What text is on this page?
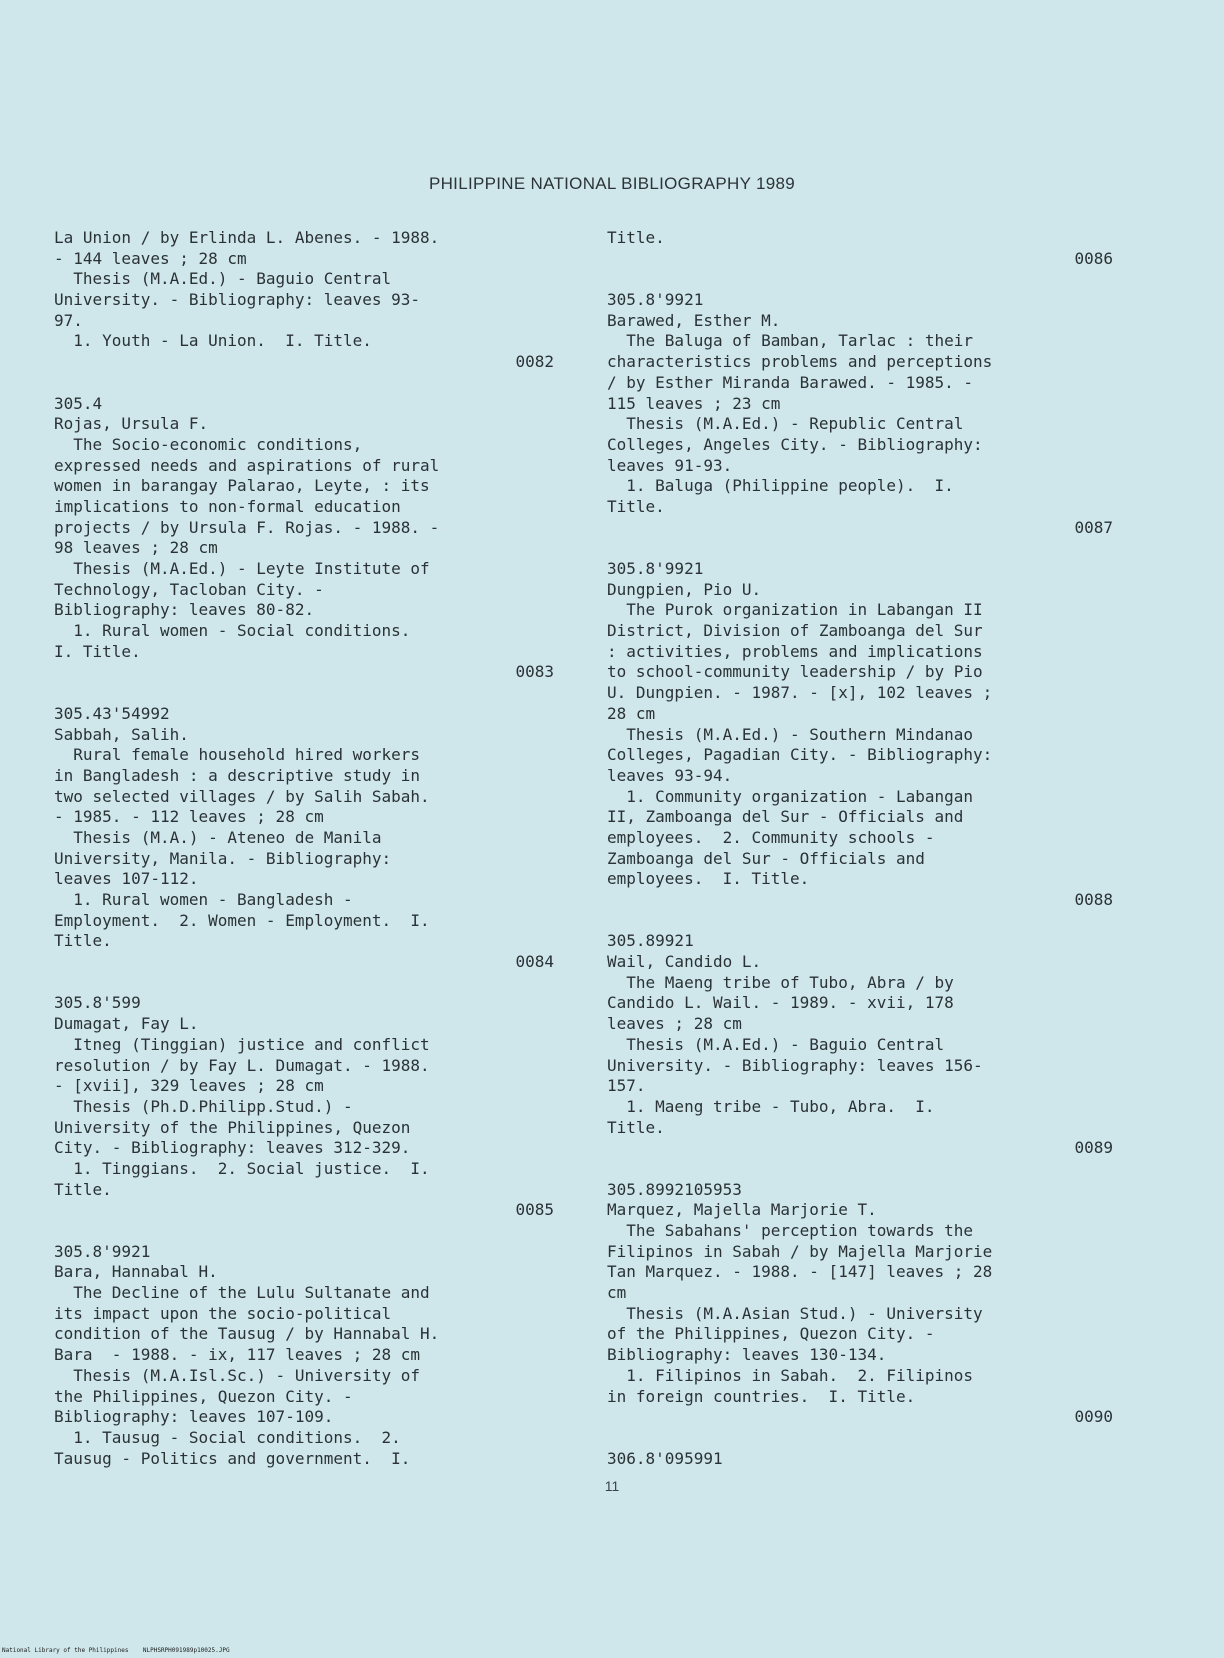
PHILIPPINE NATIONAL BIBLIOGRAPHY 1989
La Union / by Erlinda L. Abenes. - 1988.
- 144 leaves ; 28 cm
Thesis (M.A.Ed.) - Baguio Central
University. - Bibliography: leaves 93-
97.
1. Youth - La Union.  I. Title.
0082
305.4
Rojas, Ursula F.
The Socio-economic conditions,
expressed needs and aspirations of rural
women in barangay Palarao, Leyte, : its
implications to non-formal education
projects / by Ursula F. Rojas. - 1988. -
98 leaves ; 28 cm
Thesis (M.A.Ed.) - Leyte Institute of
Technology, Tacloban City. -
Bibliography: leaves 80-82.
1. Rural women - Social conditions.
I. Title.
0083
305.43'54992
Sabbah, Salih.
Rural female household hired workers
in Bangladesh : a descriptive study in
two selected villages / by Salih Sabah.
- 1985. - 112 leaves ; 28 cm
Thesis (M.A.) - Ateneo de Manila
University, Manila. - Bibliography:
leaves 107-112.
1. Rural women - Bangladesh -
Employment.  2. Women - Employment.  I.
Title.
0084
305.8'599
Dumagat, Fay L.
Itneg (Tinggian) justice and conflict
resolution / by Fay L. Dumagat. - 1988.
- [xvii], 329 leaves ; 28 cm
Thesis (Ph.D.Philipp.Stud.) -
University of the Philippines, Quezon
City. - Bibliography: leaves 312-329.
1. Tinggians.  2. Social justice.  I.
Title.
0085
305.8'9921
Bara, Hannabal H.
The Decline of the Lulu Sultanate and
its impact upon the socio-political
condition of the Tausug / by Hannabal H.
Bara  - 1988. - ix, 117 leaves ; 28 cm
Thesis (M.A.Isl.Sc.) - University of
the Philippines, Quezon City. -
Bibliography: leaves 107-109.
1. Tausug - Social conditions.  2.
Tausug - Politics and government.  I.
Title.
0086
305.8'9921
Barawed, Esther M.
The Baluga of Bamban, Tarlac : their
characteristics problems and perceptions
/ by Esther Miranda Barawed. - 1985. -
115 leaves ; 23 cm
Thesis (M.A.Ed.) - Republic Central
Colleges, Angeles City. - Bibliography:
leaves 91-93.
1. Baluga (Philippine people).  I.
Title.
0087
305.8'9921
Dungpien, Pio U.
The Purok organization in Labangan II
District, Division of Zamboanga del Sur
: activities, problems and implications
to school-community leadership / by Pio
U. Dungpien. - 1987. - [x], 102 leaves ;
28 cm
Thesis (M.A.Ed.) - Southern Mindanao
Colleges, Pagadian City. - Bibliography:
leaves 93-94.
1. Community organization - Labangan
II, Zamboanga del Sur - Officials and
employees.  2. Community schools -
Zamboanga del Sur - Officials and
employees.  I. Title.
0088
305.89921
Wail, Candido L.
The Maeng tribe of Tubo, Abra / by
Candido L. Wail. - 1989. - xvii, 178
leaves ; 28 cm
Thesis (M.A.Ed.) - Baguio Central
University. - Bibliography: leaves 156-
157.
1. Maeng tribe - Tubo, Abra.  I.
Title.
0089
305.8992105953
Marquez, Majella Marjorie T.
The Sabahans' perception towards the
Filipinos in Sabah / by Majella Marjorie
Tan Marquez. - 1988. - [147] leaves ; 28
cm
Thesis (M.A.Asian Stud.) - University
of the Philippines, Quezon City. -
Bibliography: leaves 130-134.
1. Filipinos in Sabah.  2. Filipinos
in foreign countries.  I. Title.
0090
306.8'095991
11
National Library of the Philippines    NLPHSRPH091989p10025.JPG
